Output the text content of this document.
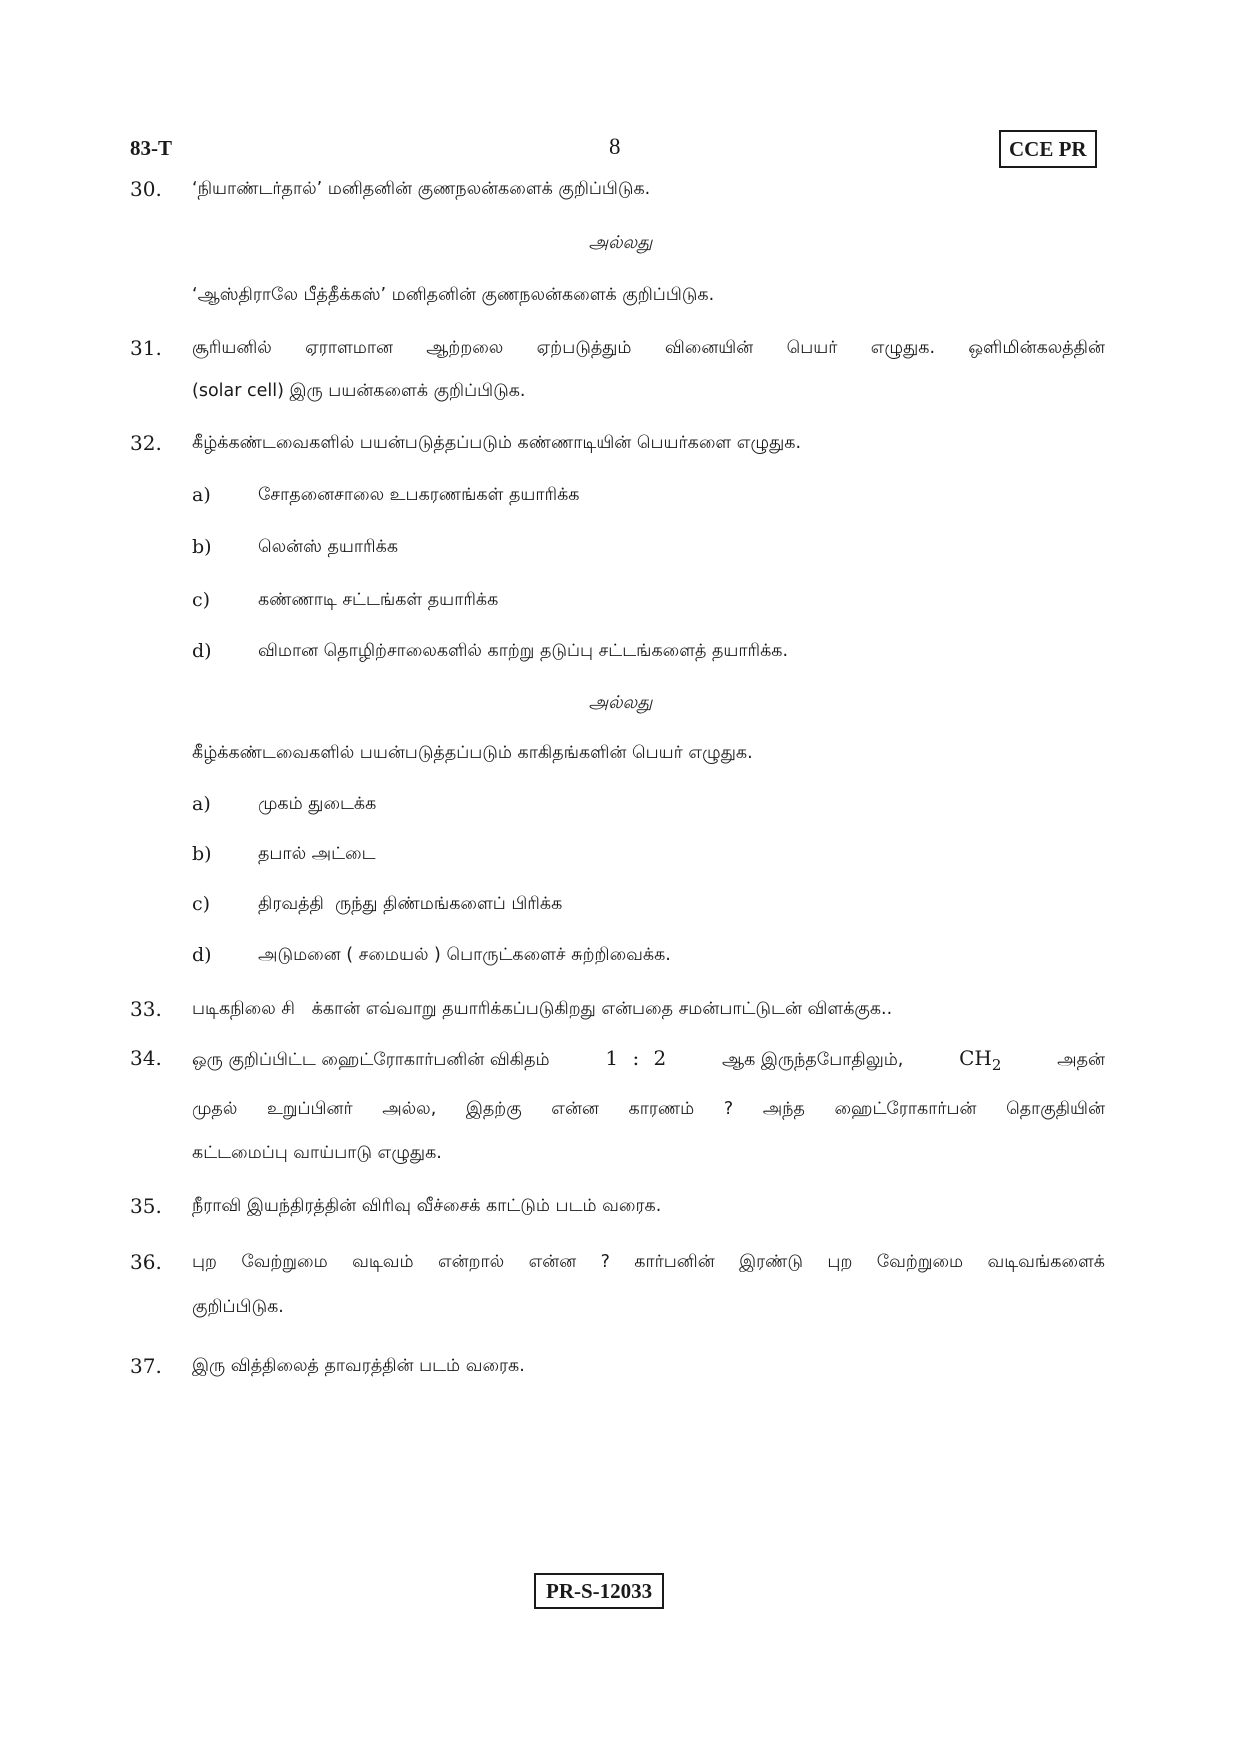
83-T	8	CCE PR
30. ‘நியாண்டர்தால்’ மனிதனின் குணநலன்களைக் குறிப்பிடுக.
அல்லது
‘ஆஸ்திராலே பீத்தீக்கஸ்’ மனிதனின் குணநலன்களைக் குறிப்பிடுக.
31. சூரியனில் ஏராளமான ஆற்றலை ஏற்படுத்தும் வினையின் பெயர் எழுதுக. ஒளிமின்கலத்தின்
(solar cell) இரு பயன்களைக் குறிப்பிடுக.
32. கீழ்க்கண்டவைகளில் பயன்படுத்தப்படும் கண்ணாடியின் பெயர்களை எழுதுக.
a)	சோதனைசாலை உபகரணங்கள் தயாரிக்க
b)	லென்ஸ் தயாரிக்க
c)	கண்ணாடி சட்டங்கள் தயாரிக்க
d)	விமான தொழிற்சாலைகளில் காற்று தடுப்பு சட்டங்களைத் தயாரிக்க.
அல்லது
கீழ்க்கண்டவைகளில் பயன்படுத்தப்படும் காகிதங்களின் பெயர் எழுதுக.
a)	முகம் துடைக்க
b)	தபால் அட்டை
c)	திரவத்தி  ருந்து திண்மங்களைப் பிரிக்க
d)	அடுமனை ( சமையல் ) பொருட்களைச் சுற்றிவைக்க.
33. படிகநிலை சி   க்கான் எவ்வாறு தயாரிக்கப்படுகிறது என்பதை சமன்பாட்டுடன் விளக்குக..
34. ஒரு குறிப்பிட்ட ஹைட்ரோகார்பனின் விகிதம்	1 : 2	ஆக இருந்தபோதிலும்,	$CH_2$	அதன்
முதல் உறுப்பினர் அல்ல, இதற்கு என்ன காரணம் ? அந்த ஹைட்ரோகார்பன் தொகுதியின்
கட்டமைப்பு வாய்பாடு எழுதுக.
35. நீராவி இயந்திரத்தின் விரிவு வீச்சைக் காட்டும் படம் வரைக.
36. புற வேற்றுமை வடிவம் என்றால் என்ன ? கார்பனின் இரண்டு புற வேற்றுமை வடிவங்களைக்
குறிப்பிடுக.
37. இரு வித்திலைத் தாவரத்தின் படம் வரைக.
PR-S-12033
